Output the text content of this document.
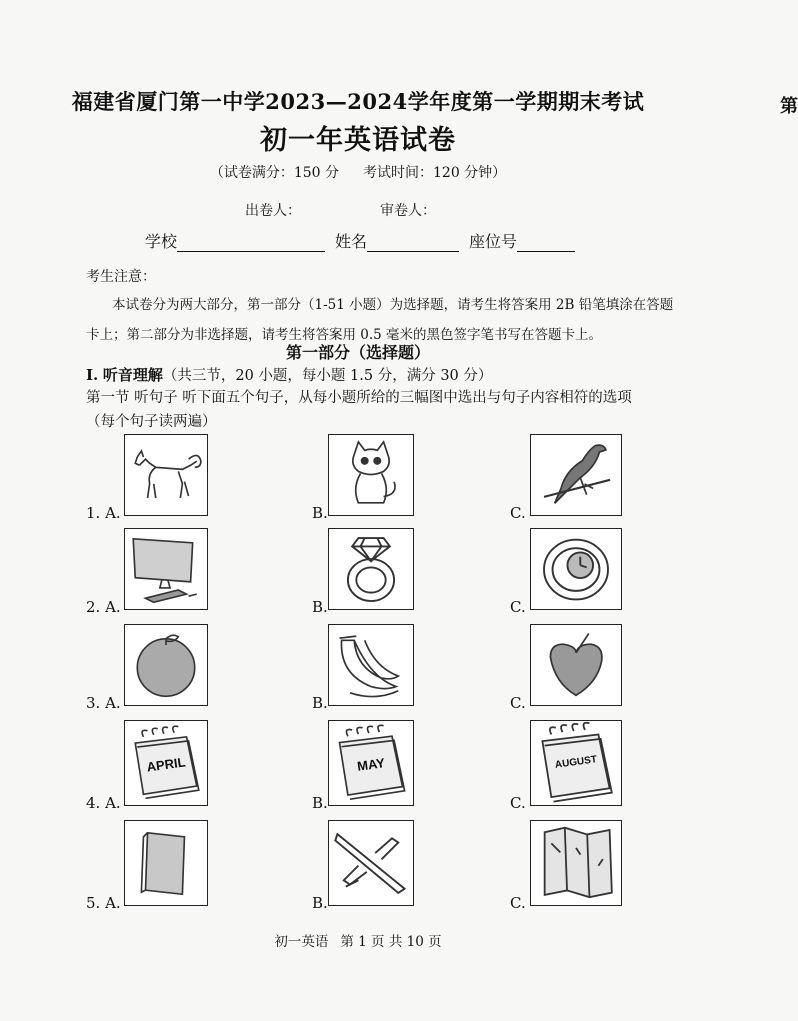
第
福建省厦门第一中学2023—2024学年度第一学期期末考试
初一年英语试卷
（试卷满分：150 分 考试时间：120 分钟）
出卷人：	审卷人：
学校	姓名	座位号
考生注意：

本试卷分为两大部分，第一部分（1-51 小题）为选择题，请考生将答案用 2B 铅笔填涂在答题卡上；第二部分为非选择题，请考生将答案用 0.5 毫米的黑色签字笔书写在答题卡上。

第一部分（选择题）
I. 听音理解（共三节，20 小题，每小题 1.5 分，满分 30 分）
第一节 听句子 听下面五个句子，从每小题所给的三幅图中选出与句子内容相符的选项（每个句子读两遍）
1. A.	B.	C.
2. A.	B.	C.
3. A.	B.	C.
APRIL
4. A.
MAY
B.
AUGUST
C.
5. A.	B.	C.
初一英语 第 1 页 共 10 页
